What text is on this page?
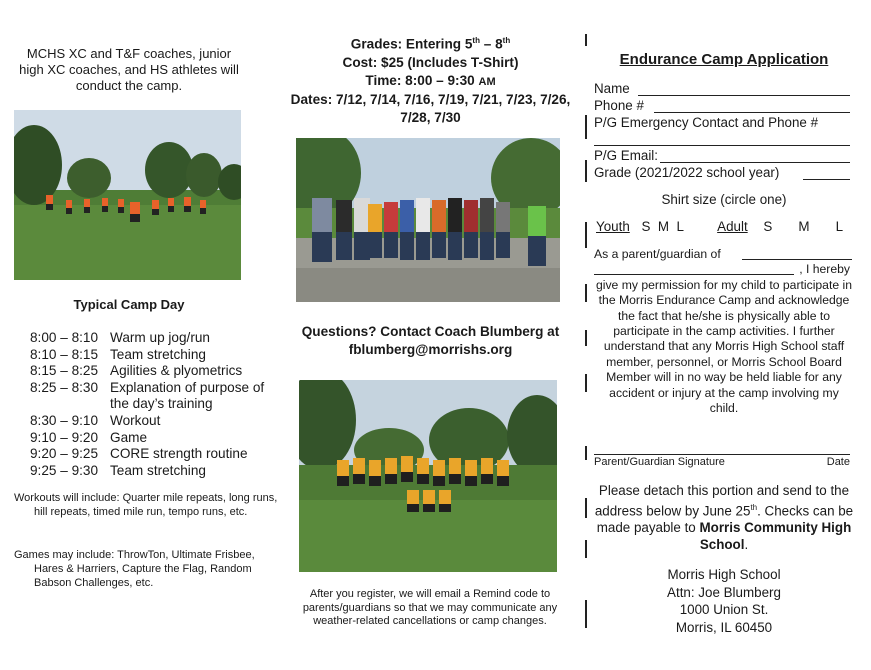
MCHS XC and T&F coaches, junior high XC coaches, and HS athletes will conduct the camp.
Typical Camp Day
8:00 – 8:10 Warm up jog/run
8:10 – 8:15 Team stretching
8:15 – 8:25 Agilities & plyometrics
8:25 – 8:30 Explanation of purpose of the day’s training
8:30 – 9:10 Workout
9:10 – 9:20 Game
9:20 – 9:25 CORE strength routine
9:25 – 9:30 Team stretching
Workouts will include: Quarter mile repeats, long runs, hill repeats, timed mile run, tempo runs, etc.
Games may include: ThrowTon, Ultimate Frisbee, Hares & Harriers, Capture the Flag, Random Babson Challenges, etc.
Grades: Entering 5th – 8th
Cost: $25 (Includes T-Shirt)
Time: 8:00 – 9:30 AM
Dates: 7/12, 7/14, 7/16, 7/19, 7/21, 7/23, 7/26, 7/28, 7/30
Questions? Contact Coach Blumberg at
fblumberg@morrishs.org
After you register, we will email a Remind code to parents/guardians so that we may communicate any weather-related cancellations or camp changes.
Endurance Camp Application
Name
Phone #
P/G Emergency Contact and Phone #
P/G Email:
Grade (2021/2022 school year)
Shirt size (circle one)
Youth S  M  L	Adult S       M       L
As a parent/guardian of
, I hereby
give my permission for my child to participate in the Morris Endurance Camp and acknowledge the fact that he/she is physically able to participate in the camp activities. I further understand that any Morris High School staff member, personnel, or Morris School Board Member will in no way be held liable for any accident or injury at the camp involving my child.
Parent/Guardian Signature	Date
Please detach this portion and send to the address below by June 25th. Checks can be made payable to Morris Community High School.
Morris High School
Attn: Joe Blumberg
1000 Union St.
Morris, IL 60450
